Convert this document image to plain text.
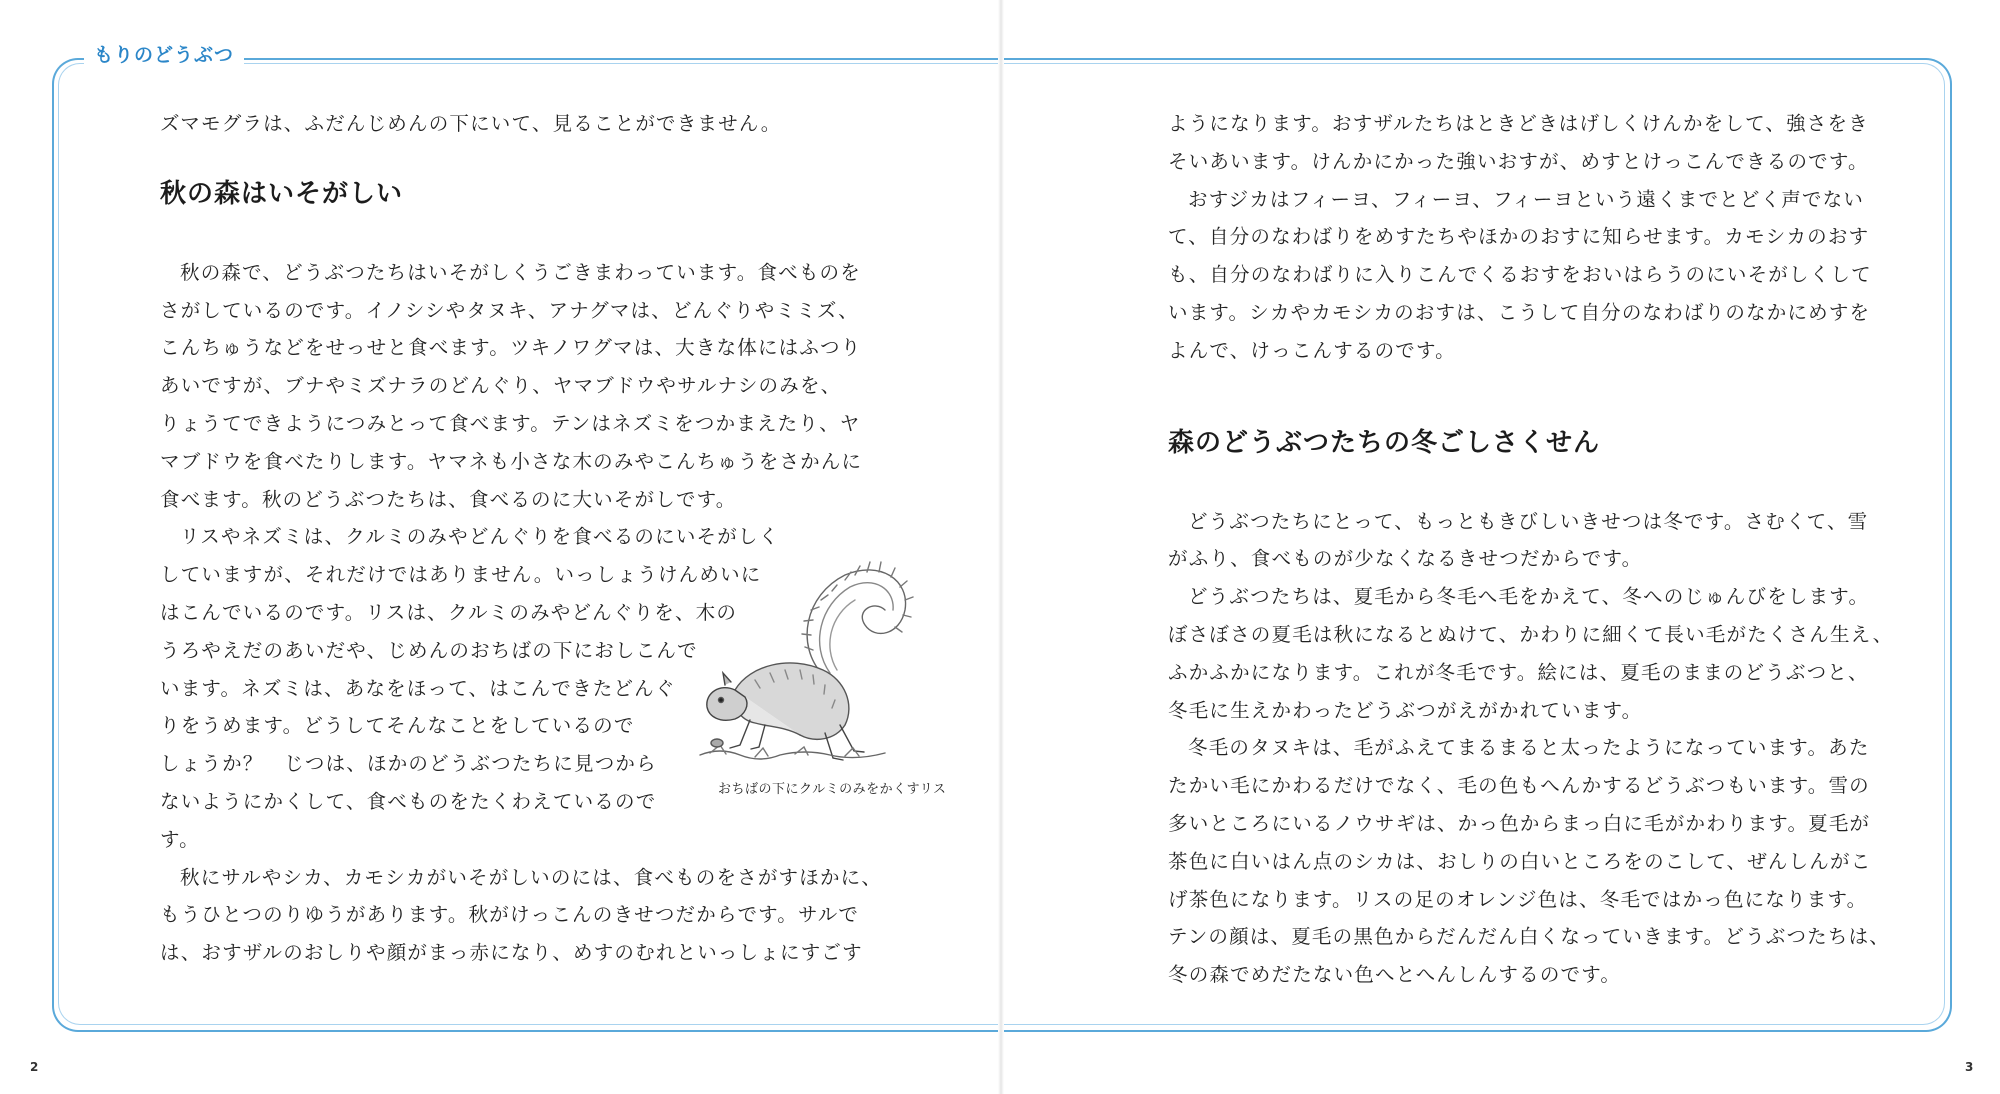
もりのどうぶつ

ズマモグラは、ふだんじめんの下にいて、見ることができません。

秋の森はいそがしい

秋の森で、どうぶつたちはいそがしくうごきまわっています。食べものを

さがしているのです。イノシシやタヌキ、アナグマは、どんぐりやミミズ、

こんちゅうなどをせっせと食べます。ツキノワグマは、大きな体にはふつり

あいですが、ブナやミズナラのどんぐり、ヤマブドウやサルナシのみを、

りょうてできようにつみとって食べます。テンはネズミをつかまえたり、ヤ

マブドウを食べたりします。ヤマネも小さな木のみやこんちゅうをさかんに

食べます。秋のどうぶつたちは、食べるのに大いそがしです。

リスやネズミは、クルミのみやどんぐりを食べるのにいそがしく

していますが、それだけではありません。いっしょうけんめいに

はこんでいるのです。リスは、クルミのみやどんぐりを、木の

うろやえだのあいだや、じめんのおちばの下におしこんで

います。ネズミは、あなをほって、はこんできたどんぐ

りをうめます。どうしてそんなことをしているので

しょうか？　じつは、ほかのどうぶつたちに見つから

ないようにかくして、食べものをたくわえているので

す。

秋にサルやシカ、カモシカがいそがしいのには、食べものをさがすほかに、

もうひとつのりゆうがあります。秋がけっこんのきせつだからです。サルで

は、おすザルのおしりや顔がまっ赤になり、めすのむれといっしょにすごす

おちばの下にクルミのみをかくすリス

ようになります。おすザルたちはときどきはげしくけんかをして、強さをき

そいあいます。けんかにかった強いおすが、めすとけっこんできるのです。

おすジカはフィーヨ、フィーヨ、フィーヨという遠くまでとどく声でない

て、自分のなわばりをめすたちやほかのおすに知らせます。カモシカのおす

も、自分のなわばりに入りこんでくるおすをおいはらうのにいそがしくして

います。シカやカモシカのおすは、こうして自分のなわばりのなかにめすを

よんで、けっこんするのです。

森のどうぶつたちの冬ごしさくせん

どうぶつたちにとって、もっともきびしいきせつは冬です。さむくて、雪

がふり、食べものが少なくなるきせつだからです。

どうぶつたちは、夏毛から冬毛へ毛をかえて、冬へのじゅんびをします。

ぼさぼさの夏毛は秋になるとぬけて、かわりに細くて長い毛がたくさん生え、

ふかふかになります。これが冬毛です。絵には、夏毛のままのどうぶつと、

冬毛に生えかわったどうぶつがえがかれています。

冬毛のタヌキは、毛がふえてまるまると太ったようになっています。あた

たかい毛にかわるだけでなく、毛の色もへんかするどうぶつもいます。雪の

多いところにいるノウサギは、かっ色からまっ白に毛がかわります。夏毛が

茶色に白いはん点のシカは、おしりの白いところをのこして、ぜんしんがこ

げ茶色になります。リスの足のオレンジ色は、冬毛ではかっ色になります。

テンの顔は、夏毛の黒色からだんだん白くなっていきます。どうぶつたちは、

冬の森でめだたない色へとへんしんするのです。

2	3
